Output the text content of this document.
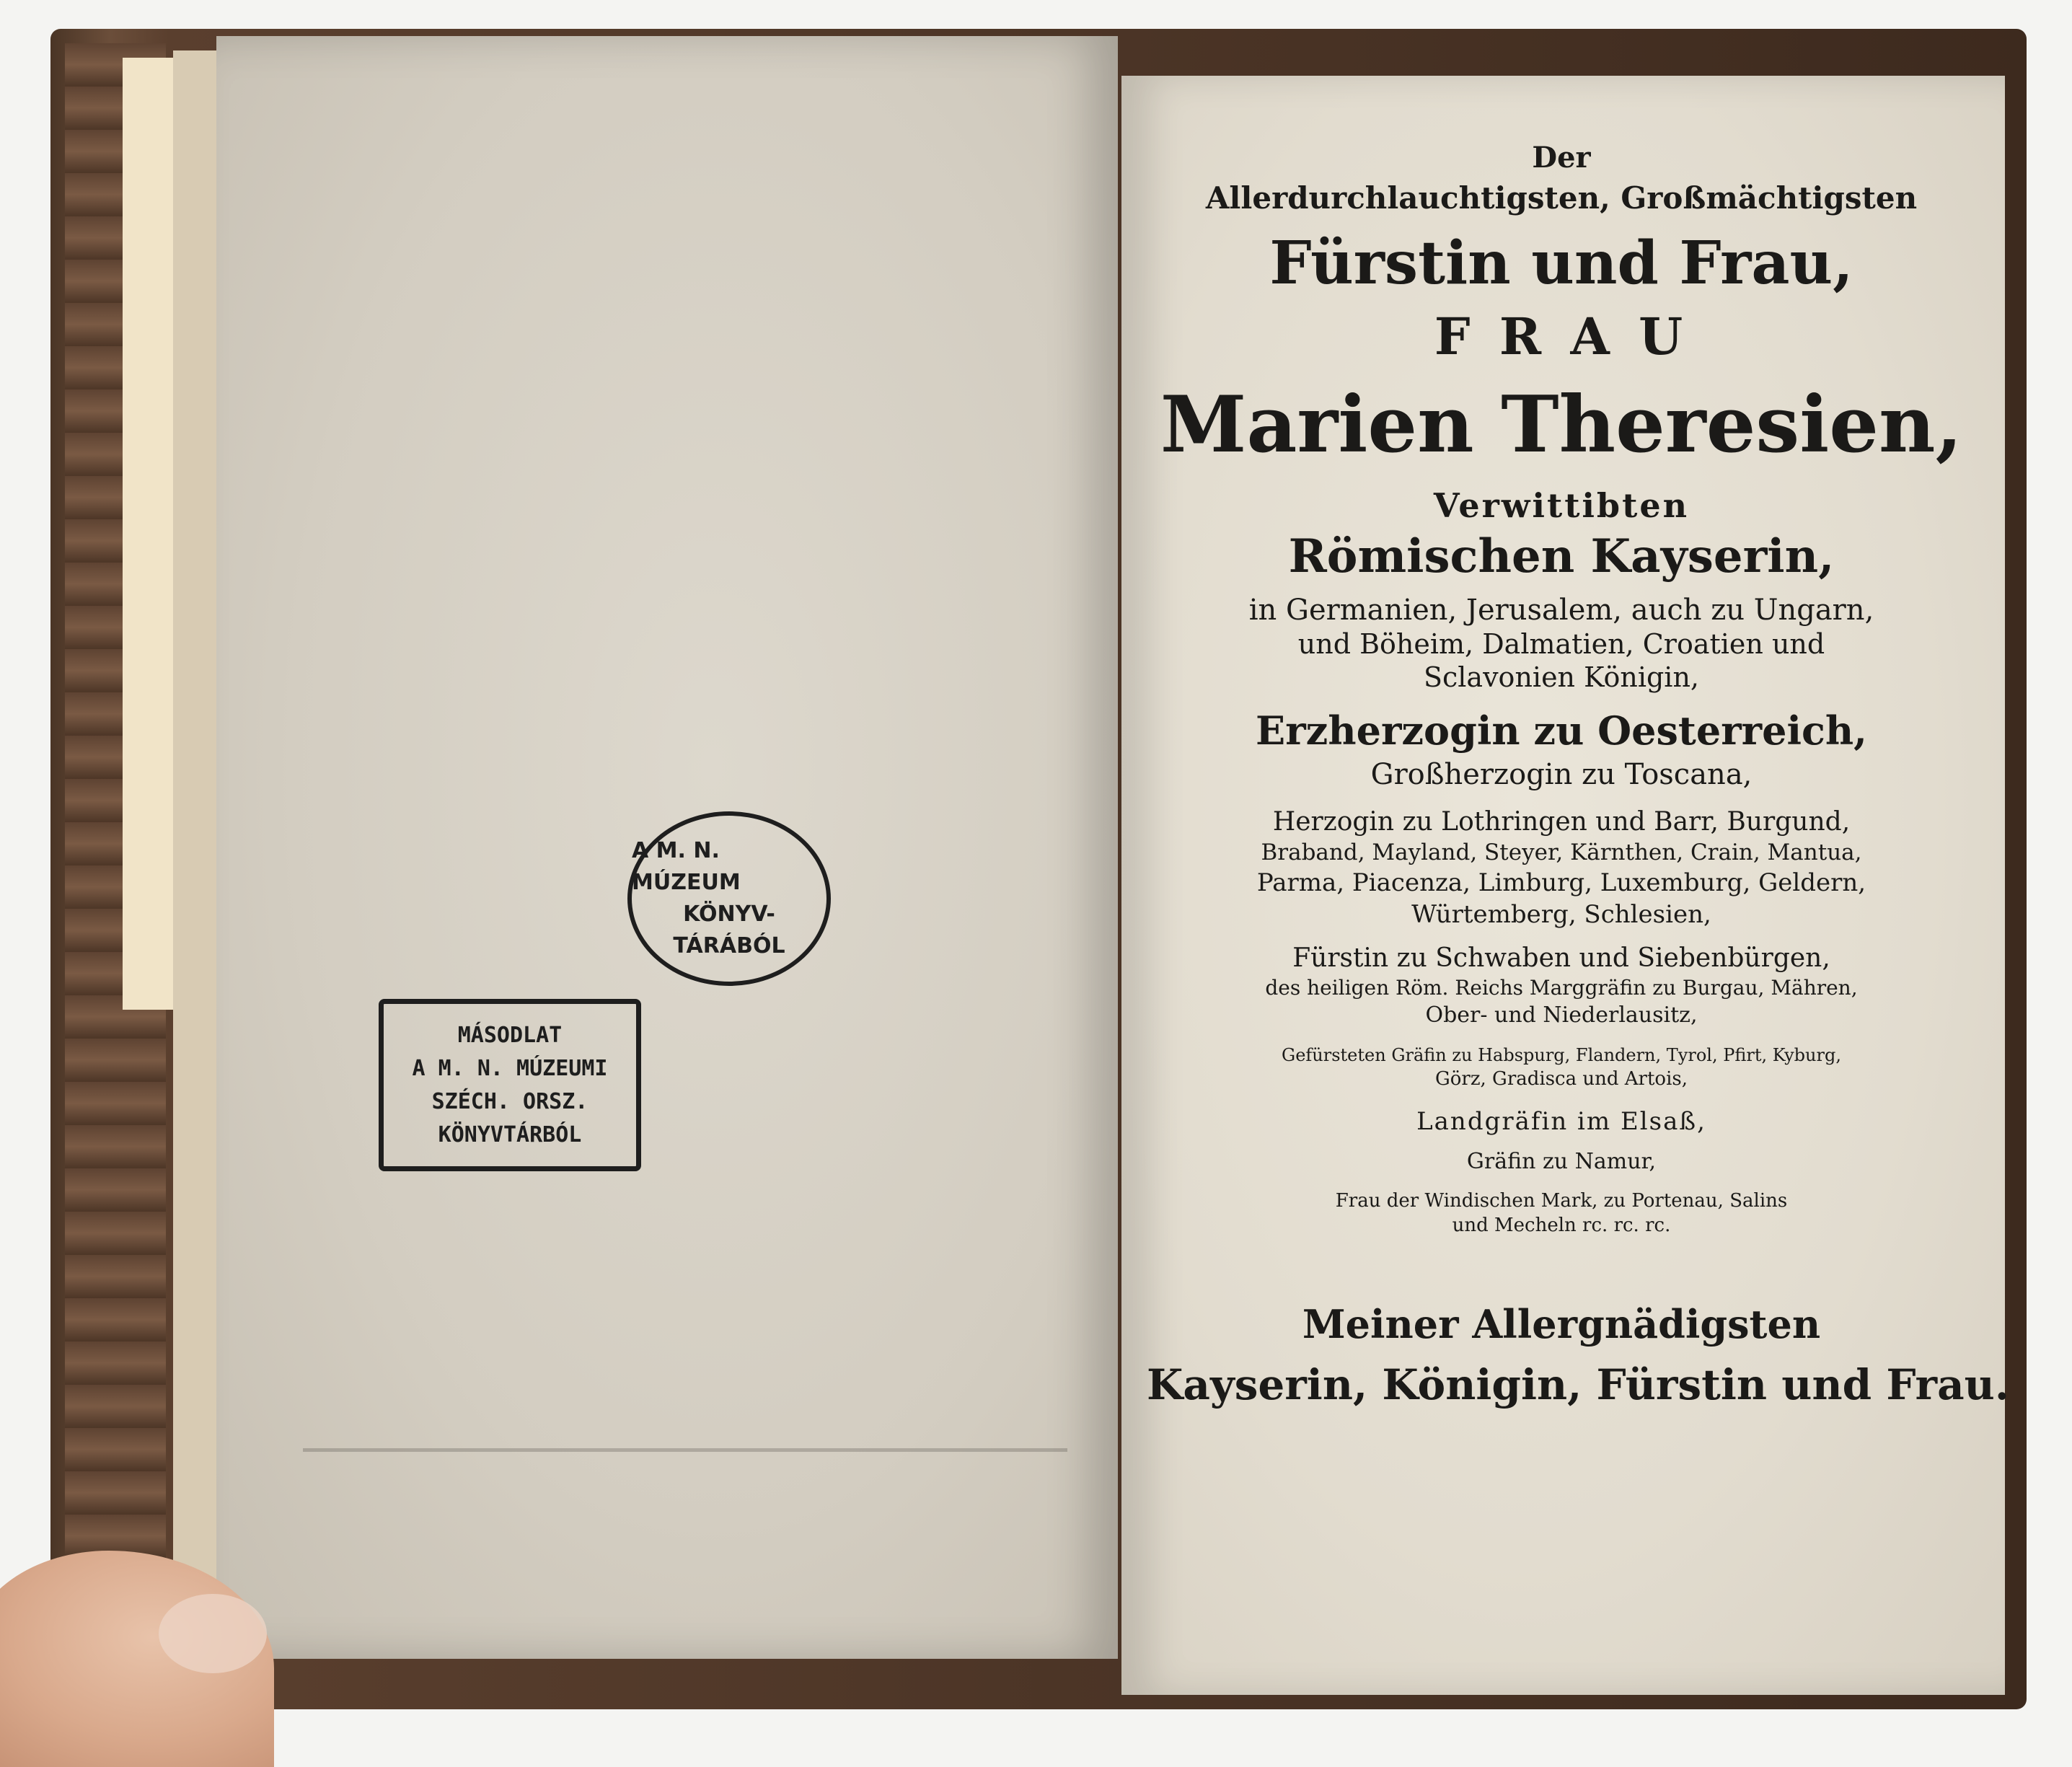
A M. N. MÚZEUM
KÖNYV-
TÁRÁBÓL
MÁSODLAT
A M. N. MÚZEUMI
SZÉCH. ORSZ.
KÖNYVTÁRBÓL
Der
Allerdurchlauchtigsten, Großmächtigsten
Fürstin und Frau,
F R A U
Marien Theresien,
Verwittibten
Römischen Kayserin,
in Germanien, Jerusalem, auch zu Ungarn,
und Böheim, Dalmatien, Croatien und
Sclavonien Königin,
Erzherzogin zu Oesterreich,
Großherzogin zu Toscana,
Herzogin zu Lothringen und Barr, Burgund,
Braband, Mayland, Steyer, Kärnthen, Crain, Mantua,
Parma, Piacenza, Limburg, Luxemburg, Geldern,
Würtemberg, Schlesien,
Fürstin zu Schwaben und Siebenbürgen,
des heiligen Röm. Reichs Marggräfin zu Burgau, Mähren,
Ober- und Niederlausitz,
Gefürsteten Gräfin zu Habspurg, Flandern, Tyrol, Pfirt, Kyburg,
Görz, Gradisca und Artois,
Landgräfin im Elsaß,
Gräfin zu Namur,
Frau der Windischen Mark, zu Portenau, Salins
und Mecheln rc. rc. rc.
Meiner Allergnädigsten
Kayserin, Königin, Fürstin und Frau.
